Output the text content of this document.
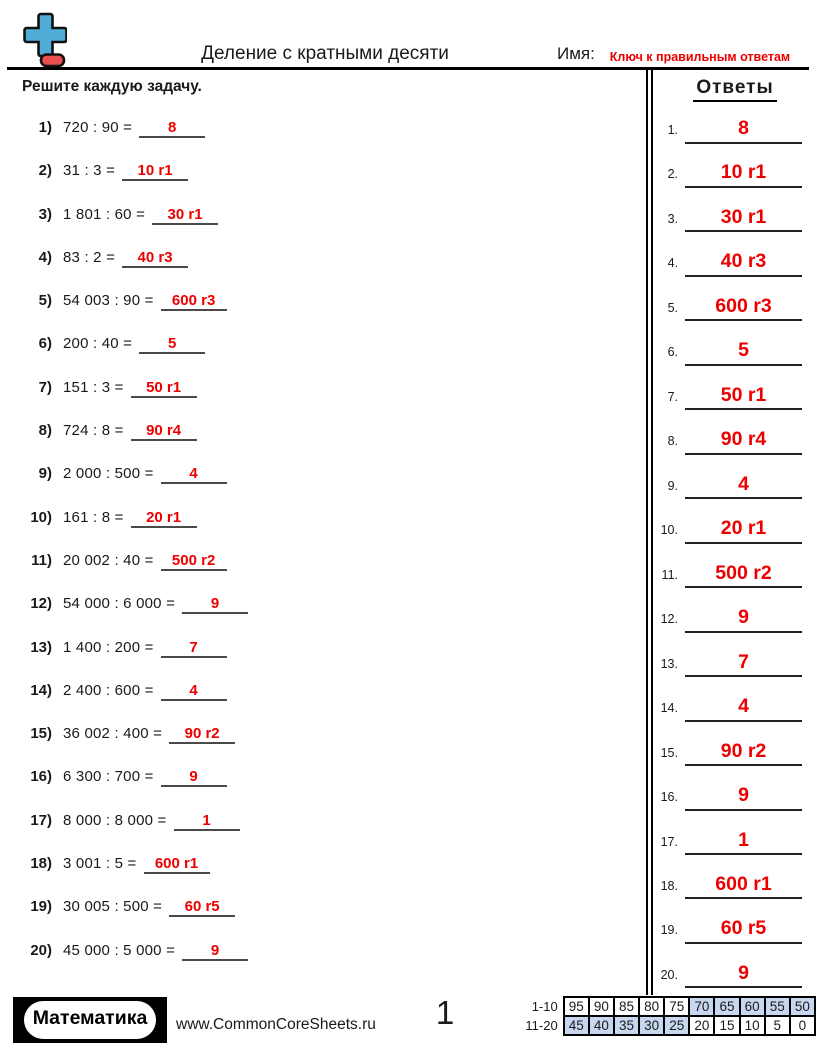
Деление с кратными десяти	Имя:	Ключ к правильным ответам
Решите каждую задачу.
1) 720 : 90 =	8
2) 31 : 3 =	10 r1
3) 1 801 : 60 =	30 r1
4) 83 : 2 =	40 r3
5) 54 003 : 90 =	600 r3
6) 200 : 40 =	5
7) 151 : 3 =	50 r1
8) 724 : 8 =	90 r4
9) 2 000 : 500 =	4
10) 161 : 8 =	20 r1
11) 20 002 : 40 =	500 r2
12) 54 000 : 6 000 =	9
13) 1 400 : 200 =	7
14) 2 400 : 600 =	4
15) 36 002 : 400 =	90 r2
16) 6 300 : 700 =	9
17) 8 000 : 8 000 =	1
18) 3 001 : 5 =	600 r1
19) 30 005 : 500 =	60 r5
20) 45 000 : 5 000 =	9
Ответы
1.	8
2.	10 r1
3.	30 r1
4.	40 r3
5.	600 r3
6.	5
7.	50 r1
8.	90 r4
9.	4
10.	20 r1
11.	500 r2
12.	9
13.	7
14.	4
15.	90 r2
16.	9
17.	1
18.	600 r1
19.	60 r5
20.	9
Математика	www.CommonCoreSheets.ru	1	1-10	95	90	85	80	75	70	65	60	55	50
11-20	45	40	35	30	25	20	15	10	5	0
